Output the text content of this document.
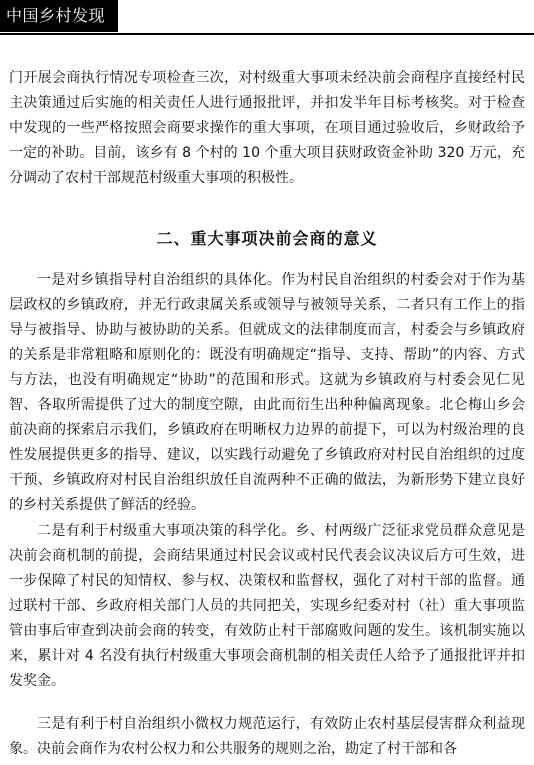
中国乡村发现

门开展会商执行情况专项检查三次，对村级重大事项未经决前会商程序直接经村民主决策通过后实施的相关责任人进行通报批评，并扣发半年目标考核奖。对于检查中发现的一些严格按照会商要求操作的重大事项，在项目通过验收后，乡财政给予一定的补助。目前，该乡有 8 个村的 10 个重大项目获财政资金补助 320 万元，充分调动了农村干部规范村级重大事项的积极性。

二、重大事项决前会商的意义

一是对乡镇指导村自治组织的具体化。作为村民自治组织的村委会对于作为基层政权的乡镇政府，并无行政隶属关系或领导与被领导关系，二者只有工作上的指导与被指导、协助与被协助的关系。但就成文的法律制度而言，村委会与乡镇政府的关系是非常粗略和原则化的：既没有明确规定“指导、支持、帮助”的内容、方式与方法，也没有明确规定“协助”的范围和形式。这就为乡镇政府与村委会见仁见智、各取所需提供了过大的制度空隙，由此而衍生出种种偏离现象。北仑梅山乡会前决商的探索启示我们，乡镇政府在明晰权力边界的前提下，可以为村级治理的良性发展提供更多的指导、建议，以实践行动避免了乡镇政府对村民自治组织的过度干预、乡镇政府对村民自治组织放任自流两种不正确的做法，为新形势下建立良好的乡村关系提供了鲜活的经验。

二是有利于村级重大事项决策的科学化。乡、村两级广泛征求党员群众意见是决前会商机制的前提，会商结果通过村民会议或村民代表会议决议后方可生效，进一步保障了村民的知情权、参与权、决策权和监督权，强化了对村干部的监督。通过联村干部、乡政府相关部门人员的共同把关，实现乡纪委对村（社）重大事项监管由事后审查到决前会商的转变，有效防止村干部腐败问题的发生。该机制实施以来，累计对 4 名没有执行村级重大事项会商机制的相关责任人给予了通报批评并扣发奖金。

三是有利于村自治组织小微权力规范运行，有效防止农村基层侵害群众利益现象。决前会商作为农村公权力和公共服务的规则之治，勘定了村干部和各
